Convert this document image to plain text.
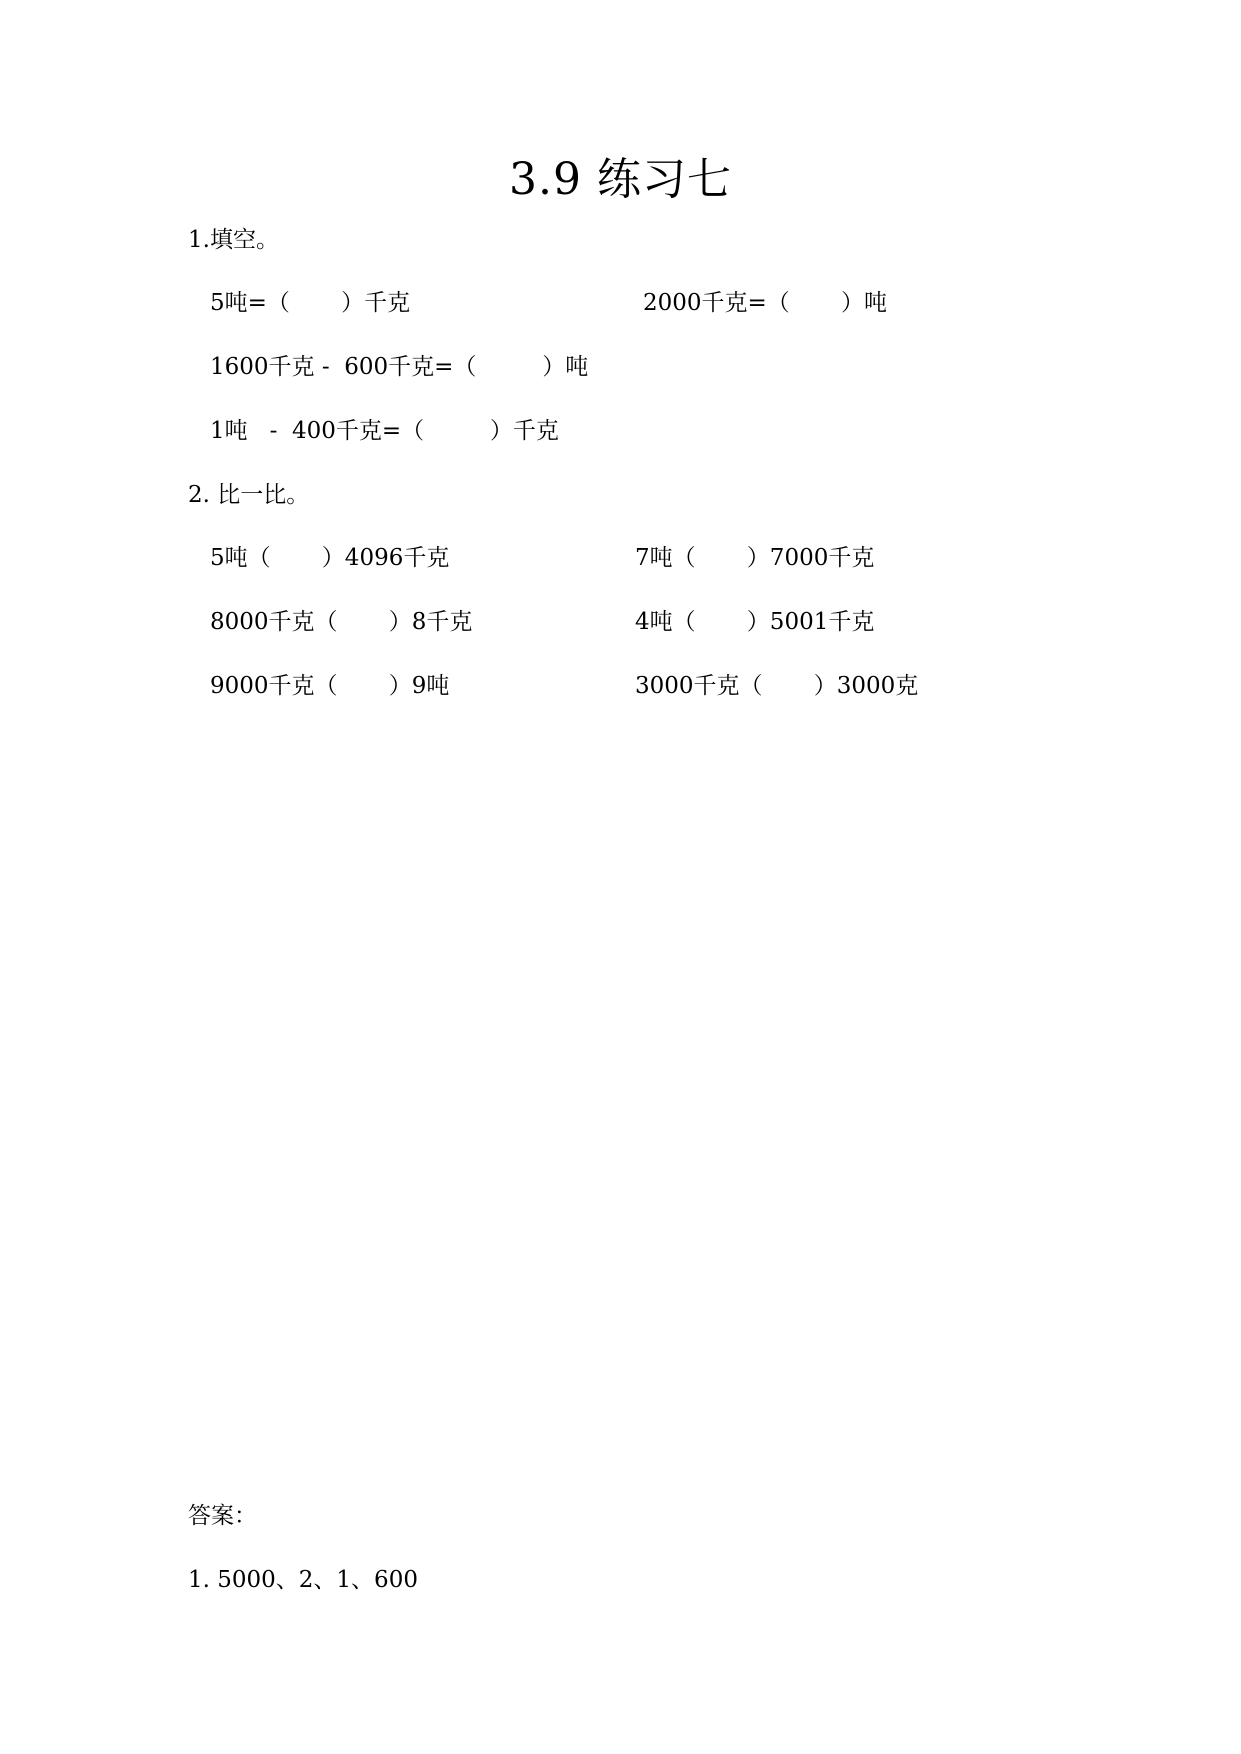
3.9 练习七
1.填空。
5吨=（       ）千克	2000千克=（       ）吨
1600千克 -  600千克=（         ）吨
1吨   -  400千克=（         ）千克
2. 比一比。
5吨（       ）4096千克	7吨（       ）7000千克
8000千克（       ）8千克	4吨（       ）5001千克
9000千克（       ）9吨	3000千克（       ）3000克
答案：
1. 5000、2、1、600
